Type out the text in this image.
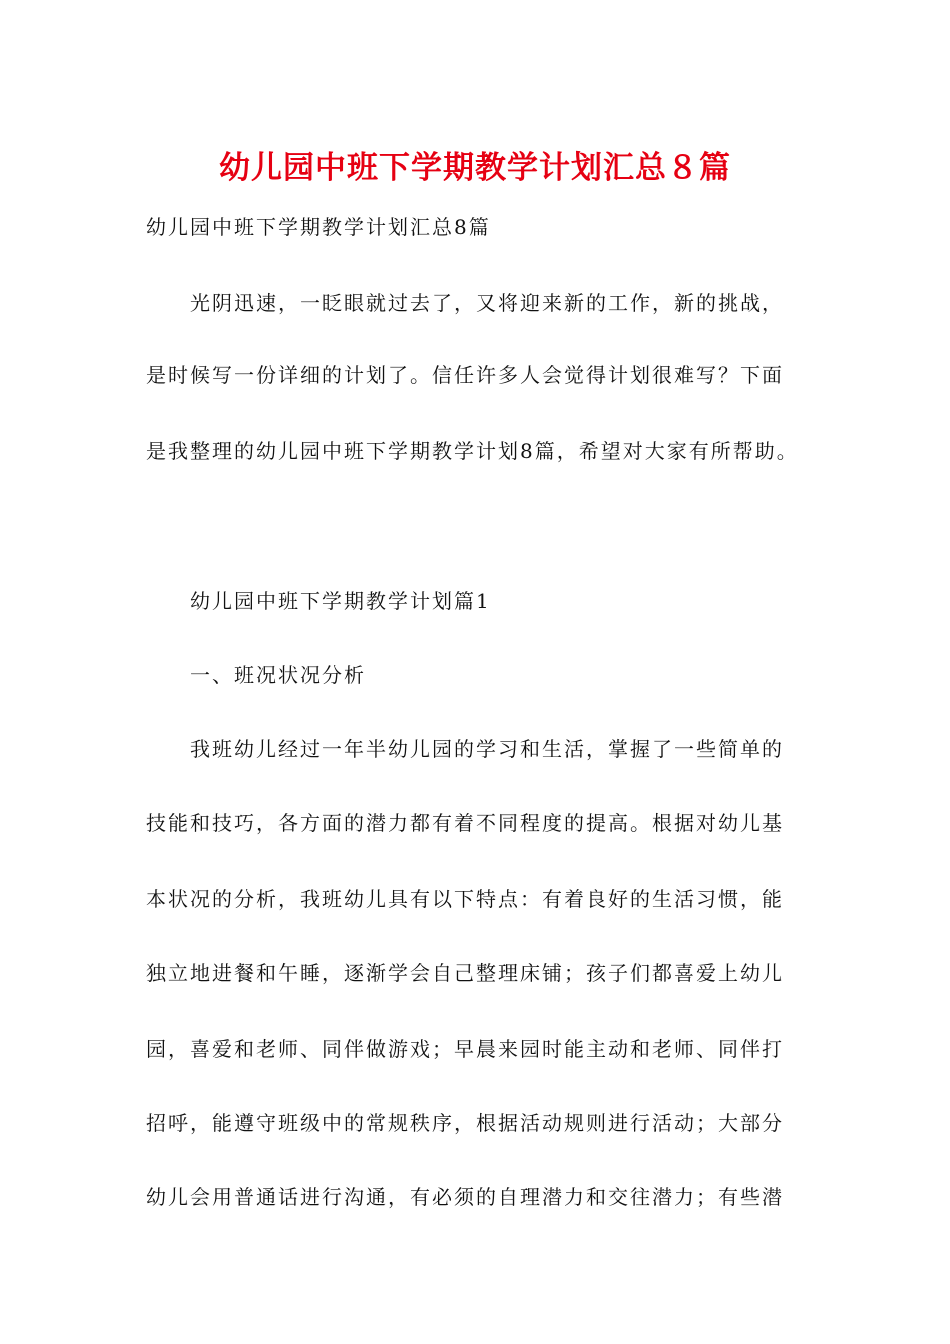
幼儿园中班下学期教学计划汇总８篇

幼儿园中班下学期教学计划汇总8篇

光阴迅速，一眨眼就过去了，又将迎来新的工作，新的挑战，

是时候写一份详细的计划了。信任许多人会觉得计划很难写？下面

是我整理的幼儿园中班下学期教学计划8篇，希望对大家有所帮助。

幼儿园中班下学期教学计划篇1

一、班况状况分析

我班幼儿经过一年半幼儿园的学习和生活，掌握了一些简单的

技能和技巧，各方面的潜力都有着不同程度的提高。根据对幼儿基

本状况的分析，我班幼儿具有以下特点：有着良好的生活习惯，能

独立地进餐和午睡，逐渐学会自己整理床铺；孩子们都喜爱上幼儿

园，喜爱和老师、同伴做游戏；早晨来园时能主动和老师、同伴打

招呼，能遵守班级中的常规秩序，根据活动规则进行活动；大部分

幼儿会用普通话进行沟通，有必须的自理潜力和交往潜力；有些潜
